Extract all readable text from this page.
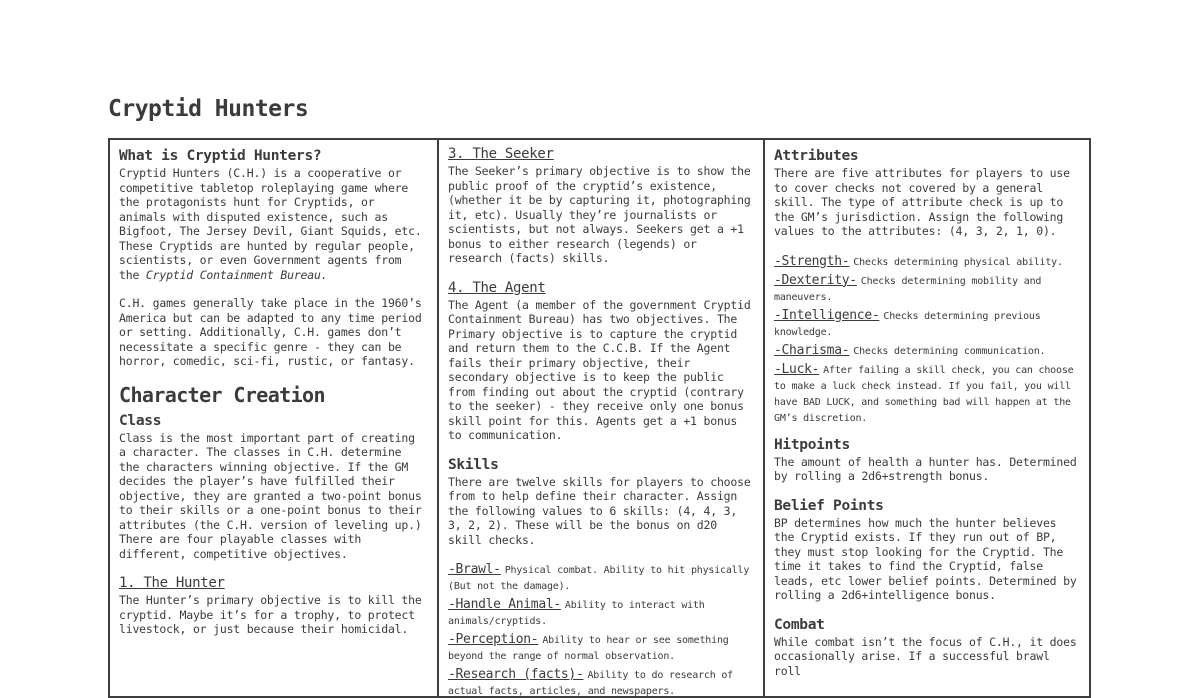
Cryptid Hunters
What is Cryptid Hunters?

Cryptid Hunters (C.H.) is a cooperative or competitive tabletop roleplaying game where the protagonists hunt for Cryptids, or animals with disputed existence, such as Bigfoot, The Jersey Devil, Giant Squids, etc. These Cryptids are hunted by regular people, scientists, or even Government agents from the Cryptid Containment Bureau.

C.H. games generally take place in the 1960’s America but can be adapted to any time period or setting. Additionally, C.H. games don’t necessitate a specific genre - they can be horror, comedic, sci-fi, rustic, or fantasy.

Character Creation
Class

Class is the most important part of creating a character. The classes in C.H. determine the characters winning objective. If the GM decides the player’s have fulfilled their objective, they are granted a two-point bonus to their skills or a one-point bonus to their attributes (the C.H. version of leveling up.) There are four playable classes with different, competitive objectives.

1. The Hunter

The Hunter’s primary objective is to kill the cryptid. Maybe it’s for a trophy, to protect livestock, or just because their homicidal.

3. The Seeker

The Seeker’s primary objective is to show the public proof of the cryptid’s existence, (whether it be by capturing it, photographing it, etc). Usually they’re journalists or scientists, but not always. Seekers get a +1 bonus to either research (legends) or research (facts) skills.

4. The Agent

The Agent (a member of the government Cryptid Containment Bureau) has two objectives. The Primary objective is to capture the cryptid and return them to the C.C.B. If the Agent fails their primary objective, their secondary objective is to keep the public from finding out about the cryptid (contrary to the seeker) - they receive only one bonus skill point for this. Agents get a +1 bonus to communication.

Skills

There are twelve skills for players to choose from to help define their character. Assign the following values to 6 skills: (4, 4, 3, 3, 2, 2). These will be the bonus on d20 skill checks.

-Brawl- Physical combat. Ability to hit physically (But not the damage).

-Handle Animal- Ability to interact with animals/cryptids.

-Perception- Ability to hear or see something beyond the range of normal observation.

-Research (facts)- Ability to do research of actual facts, articles, and newspapers.

Attributes

There are five attributes for players to use to cover checks not covered by a general skill. The type of attribute check is up to the GM’s jurisdiction. Assign the following values to the attributes: (4, 3, 2, 1, 0).

-Strength- Checks determining physical ability.

-Dexterity- Checks determining mobility and maneuvers.

-Intelligence- Checks determining previous knowledge.

-Charisma- Checks determining communication.

-Luck- After failing a skill check, you can choose to make a luck check instead. If you fail, you will have BAD LUCK, and something bad will happen at the GM’s discretion.

Hitpoints

The amount of health a hunter has. Determined by rolling a 2d6+strength bonus.

Belief Points

BP determines how much the hunter believes the Cryptid exists. If they run out of BP, they must stop looking for the Cryptid. The time it takes to find the Cryptid, false leads, etc lower belief points. Determined by rolling a 2d6+intelligence bonus.

Combat

While combat isn’t the focus of C.H., it does occasionally arise. If a successful brawl roll
